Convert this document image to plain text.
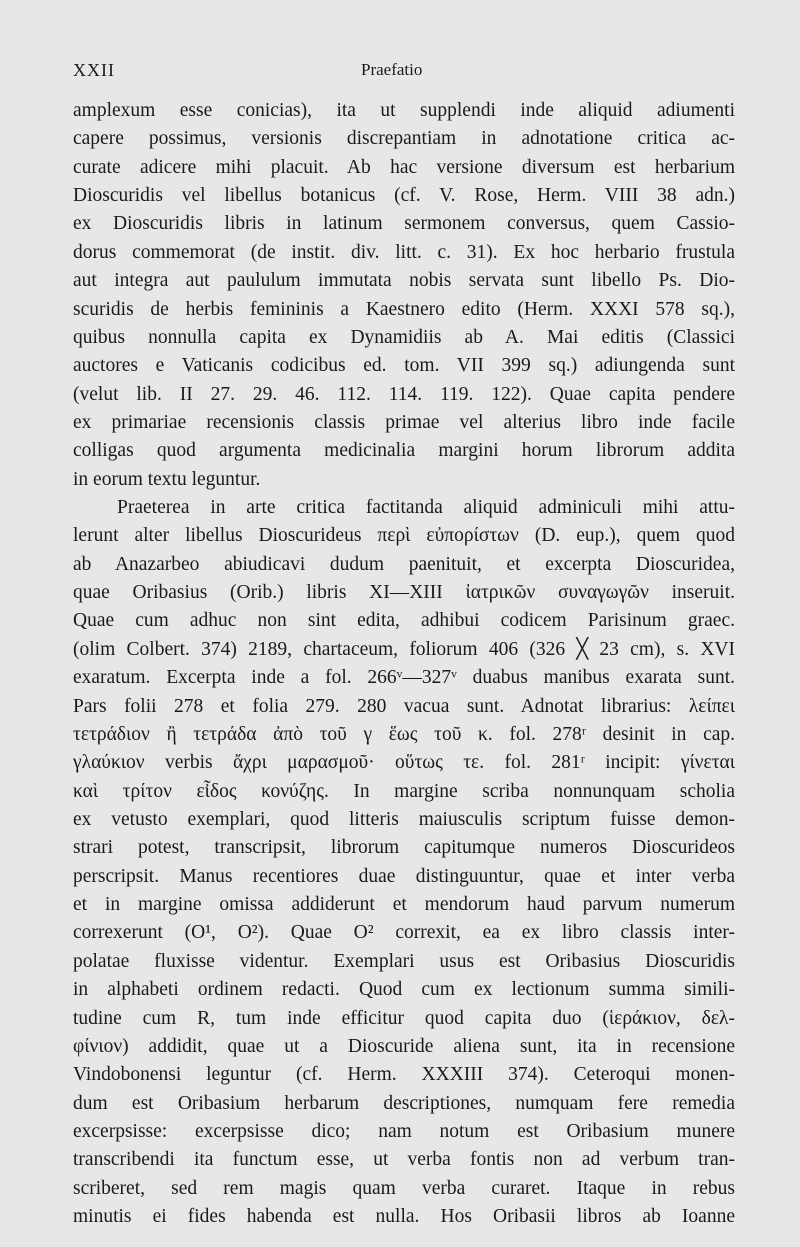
XXII	Praefatio
amplexum esse conicias), ita ut supplendi inde aliquid adiumenti
capere possimus, versionis discrepantiam in adnotatione critica ac-
curate adicere mihi placuit. Ab hac versione diversum est herbarium
Dioscuridis vel libellus botanicus (cf. V. Rose, Herm. VIII 38 adn.)
ex Dioscuridis libris in latinum sermonem conversus, quem Cassio-
dorus commemorat (de instit. div. litt. c. 31). Ex hoc herbario frustula
aut integra aut paululum immutata nobis servata sunt libello Ps. Dio-
scuridis de herbis femininis a Kaestnero edito (Herm. XXXI 578 sq.),
quibus nonnulla capita ex Dynamidiis ab A. Mai editis (Classici
auctores e Vaticanis codicibus ed. tom. VII 399 sq.) adiungenda sunt
(velut lib. II 27. 29. 46. 112. 114. 119. 122). Quae capita pendere
ex primariae recensionis classis primae vel alterius libro inde facile
colligas quod argumenta medicinalia margini horum librorum addita
in eorum textu leguntur.
Praeterea in arte critica factitanda aliquid adminiculi mihi attu-
lerunt alter libellus Dioscurideus περὶ εὐπορίστων (D. eup.), quem quod
ab Anazarbeo abiudicavi dudum paenituit, et excerpta Dioscuridea,
quae Oribasius (Orib.) libris XI—XIII ἰατρικῶν συναγωγῶν inseruit.
Quae cum adhuc non sint edita, adhibui codicem Parisinum graec.
(olim Colbert. 374) 2189, chartaceum, foliorum 406 (326 ╳ 23 cm), s. XVI
exaratum. Excerpta inde a fol. 266ᵛ—327ᵛ duabus manibus exarata sunt.
Pars folii 278 et folia 279. 280 vacua sunt. Adnotat librarius: λείπει
τετράδιον ἢ τετράδα ἀπὸ τοῦ γ ἕως τοῦ κ. fol. 278ʳ desinit in cap.
γλαύκιον verbis ἄχρι μαρασμοῦ· οὕτως τε. fol. 281ʳ incipit: γίνεται
καὶ τρίτον εἶδος κονύζης. In margine scriba nonnunquam scholia
ex vetusto exemplari, quod litteris maiusculis scriptum fuisse demon-
strari potest, transcripsit, librorum capitumque numeros Dioscurideos
perscripsit. Manus recentiores duae distinguuntur, quae et inter verba
et in margine omissa addiderunt et mendorum haud parvum numerum
correxerunt (O¹, O²). Quae O² correxit, ea ex libro classis inter-
polatae fluxisse videntur. Exemplari usus est Oribasius Dioscuridis
in alphabeti ordinem redacti. Quod cum ex lectionum summa simili-
tudine cum R, tum inde efficitur quod capita duo (ἱεράκιον, δελ-
φίνιον) addidit, quae ut a Dioscuride aliena sunt, ita in recensione
Vindobonensi leguntur (cf. Herm. XXXIII 374). Ceteroqui monen-
dum est Oribasium herbarum descriptiones, numquam fere remedia
excerpsisse: excerpsisse dico; nam notum est Oribasium munere
transcribendi ita functum esse, ut verba fontis non ad verbum tran-
scriberet, sed rem magis quam verba curaret. Itaque in rebus
minutis ei fides habenda est nulla. Hos Oribasii libros ab Ioanne
